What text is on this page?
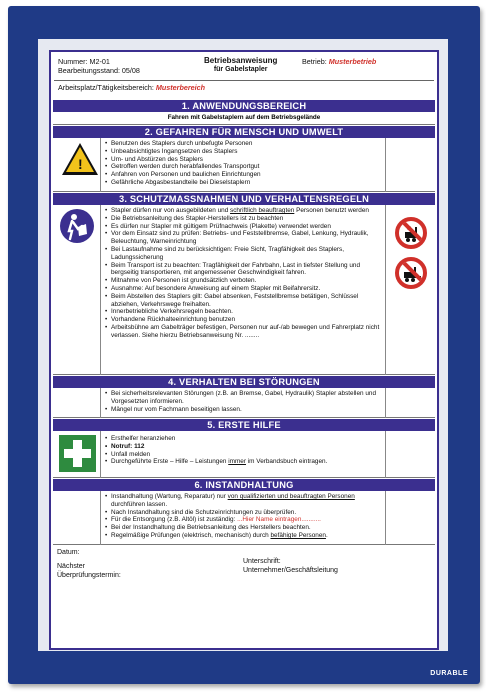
DURABLE
Nummer: M2-01
Bearbeitungsstand: 05/08
Betriebsanweisung
für Gabelstapler
Betrieb: Musterbetrieb
Arbeitsplatz/Tätigkeitsbereich: Musterbereich
1. ANWENDUNGSBEREICH
Fahren mit Gabelstaplern auf dem Betriebsgelände
2. GEFAHREN FÜR MENSCH UND UMWELT
!
• Benutzen des Staplers durch unbefugte Personen
• Unbeabsichtigtes Ingangsetzen des Staplers
• Um- und Abstürzen des Staplers
• Getroffen werden durch herabfallendes Transportgut
• Anfahren von Personen und baulichen Einrichtungen
• Gefährliche Abgasbestandteile bei Dieselstaplern
3. SCHUTZMASSNAHMEN UND VERHALTENSREGELN
• Stapler dürfen nur von ausgebildeten und schriftlich beauftragten Personen benutzt werden
• Die Betriebsanleitung des Stapler-Herstellers ist zu beachten
• Es dürfen nur Stapler mit gültigem Prüfnachweis (Plakette) verwendet werden
• Vor dem Einsatz sind zu prüfen: Betriebs- und Feststellbremse, Gabel, Lenkung, Hydraulik, Beleuchtung, Warneinrichtung
• Bei Lastaufnahme sind zu berücksichtigen: Freie Sicht, Tragfähigkeit des Staplers, Ladungssicherung
• Beim Transport ist zu beachten: Tragfähigkeit der Fahrbahn, Last in tiefster Stellung und bergseitig transportieren, mit angemessener Geschwindigkeit fahren.
• Mitnahme von Personen ist grundsätzlich verboten.
• Ausnahme: Auf besondere Anweisung auf einem Stapler mit Beifahrersitz.
• Beim Abstellen des Staplers gilt: Gabel absenken, Feststellbremse betätigen, Schlüssel abziehen, Verkehrswege freihalten.
• Innerbetriebliche Verkehrsregeln beachten.
• Vorhandene Rückhalteeinrichtung benutzen
• Arbeitsbühne am Gabelträger befestigen, Personen nur auf-/ab bewegen und Fahrerplatz nicht verlassen. Siehe hierzu Betriebsanweisung Nr. ........
4. VERHALTEN BEI STÖRUNGEN
• Bei sicherheitsrelevanten Störungen (z.B. an Bremse, Gabel, Hydraulik) Stapler abstellen und Vorgesetzten informieren.
• Mängel nur vom Fachmann beseitigen lassen.
5. ERSTE HILFE
• Ersthelfer heranziehen
• Notruf: 112
• Unfall melden
• Durchgeführte Erste – Hilfe – Leistungen immer im Verbandsbuch eintragen.
6. INSTANDHALTUNG
• Instandhaltung (Wartung, Reparatur) nur von qualifizierten und beauftragten Personen durchführen lassen.
• Nach Instandhaltung sind die Schutzeinrichtungen zu überprüfen.
• Für die Entsorgung (z.B. Altöl) ist zuständig: ...Hier Name eintragen...........
• Bei der Instandhaltung die Betriebsanleitung des Herstellers beachten.
• Regelmäßige Prüfungen (elektrisch, mechanisch) durch befähigte Personen.
Datum:
Nächster
Überprüfungstermin:
Unterschrift:
Unternehmer/Geschäftsleitung
